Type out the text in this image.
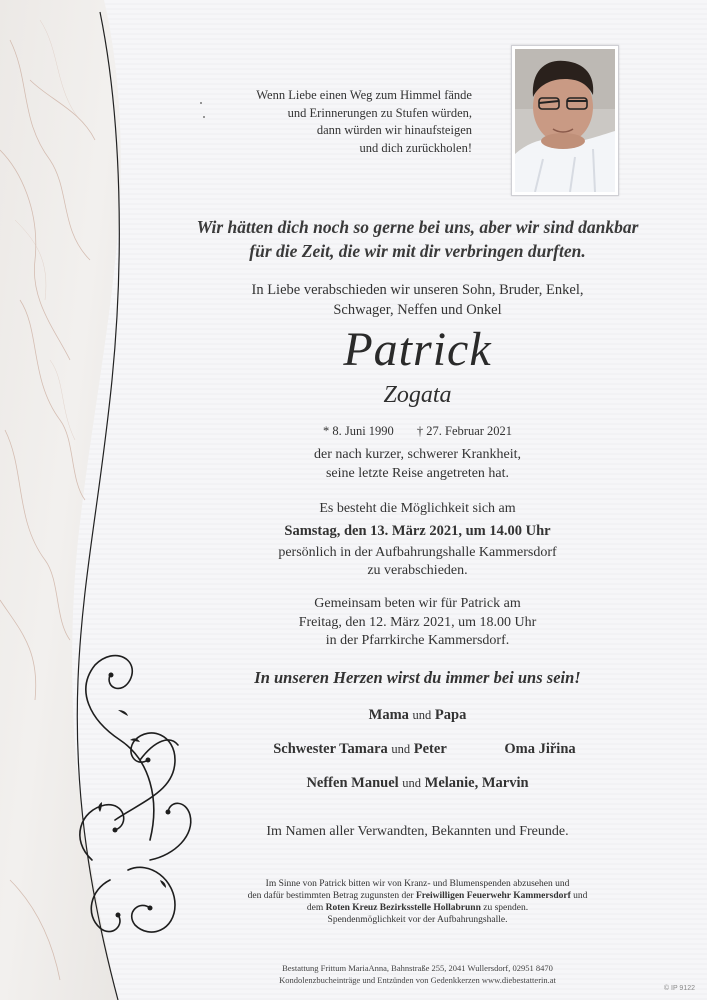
Wenn Liebe einen Weg zum Himmel fände
und Erinnerungen zu Stufen würden,
dann würden wir hinaufsteigen
und dich zurückholen!
Wir hätten dich noch so gerne bei uns, aber wir sind dankbar
für die Zeit, die wir mit dir verbringen durften.
In Liebe verabschieden wir unseren Sohn, Bruder, Enkel,
Schwager, Neffen und Onkel
Patrick
Zogata
* 8. Juni 1990 † 27. Februar 2021
der nach kurzer, schwerer Krankheit,
seine letzte Reise angetreten hat.
Es besteht die Möglichkeit sich am
Samstag, den 13. März 2021, um 14.00 Uhr
persönlich in der Aufbahrungshalle Kammersdorf
zu verabschieden.
Gemeinsam beten wir für Patrick am
Freitag, den 12. März 2021, um 18.00 Uhr
in der Pfarrkirche Kammersdorf.
In unseren Herzen wirst du immer bei uns sein!
Mama und Papa
Schwester Tamara und Peter	Oma Jiřina
Neffen Manuel und Melanie, Marvin
Im Namen aller Verwandten, Bekannten und Freunde.
Im Sinne von Patrick bitten wir von Kranz- und Blumenspenden abzusehen und
den dafür bestimmten Betrag zugunsten der Freiwilligen Feuerwehr Kammersdorf und
dem Roten Kreuz Bezirksstelle Hollabrunn zu spenden.
Spendenmöglichkeit vor der Aufbahrungshalle.
Bestattung Frittum MariaAnna, Bahnstraße 255, 2041 Wullersdorf, 02951 8470
Kondolenzbucheinträge und Entzünden von Gedenkkerzen www.diebestatterin.at
© IP 9122
